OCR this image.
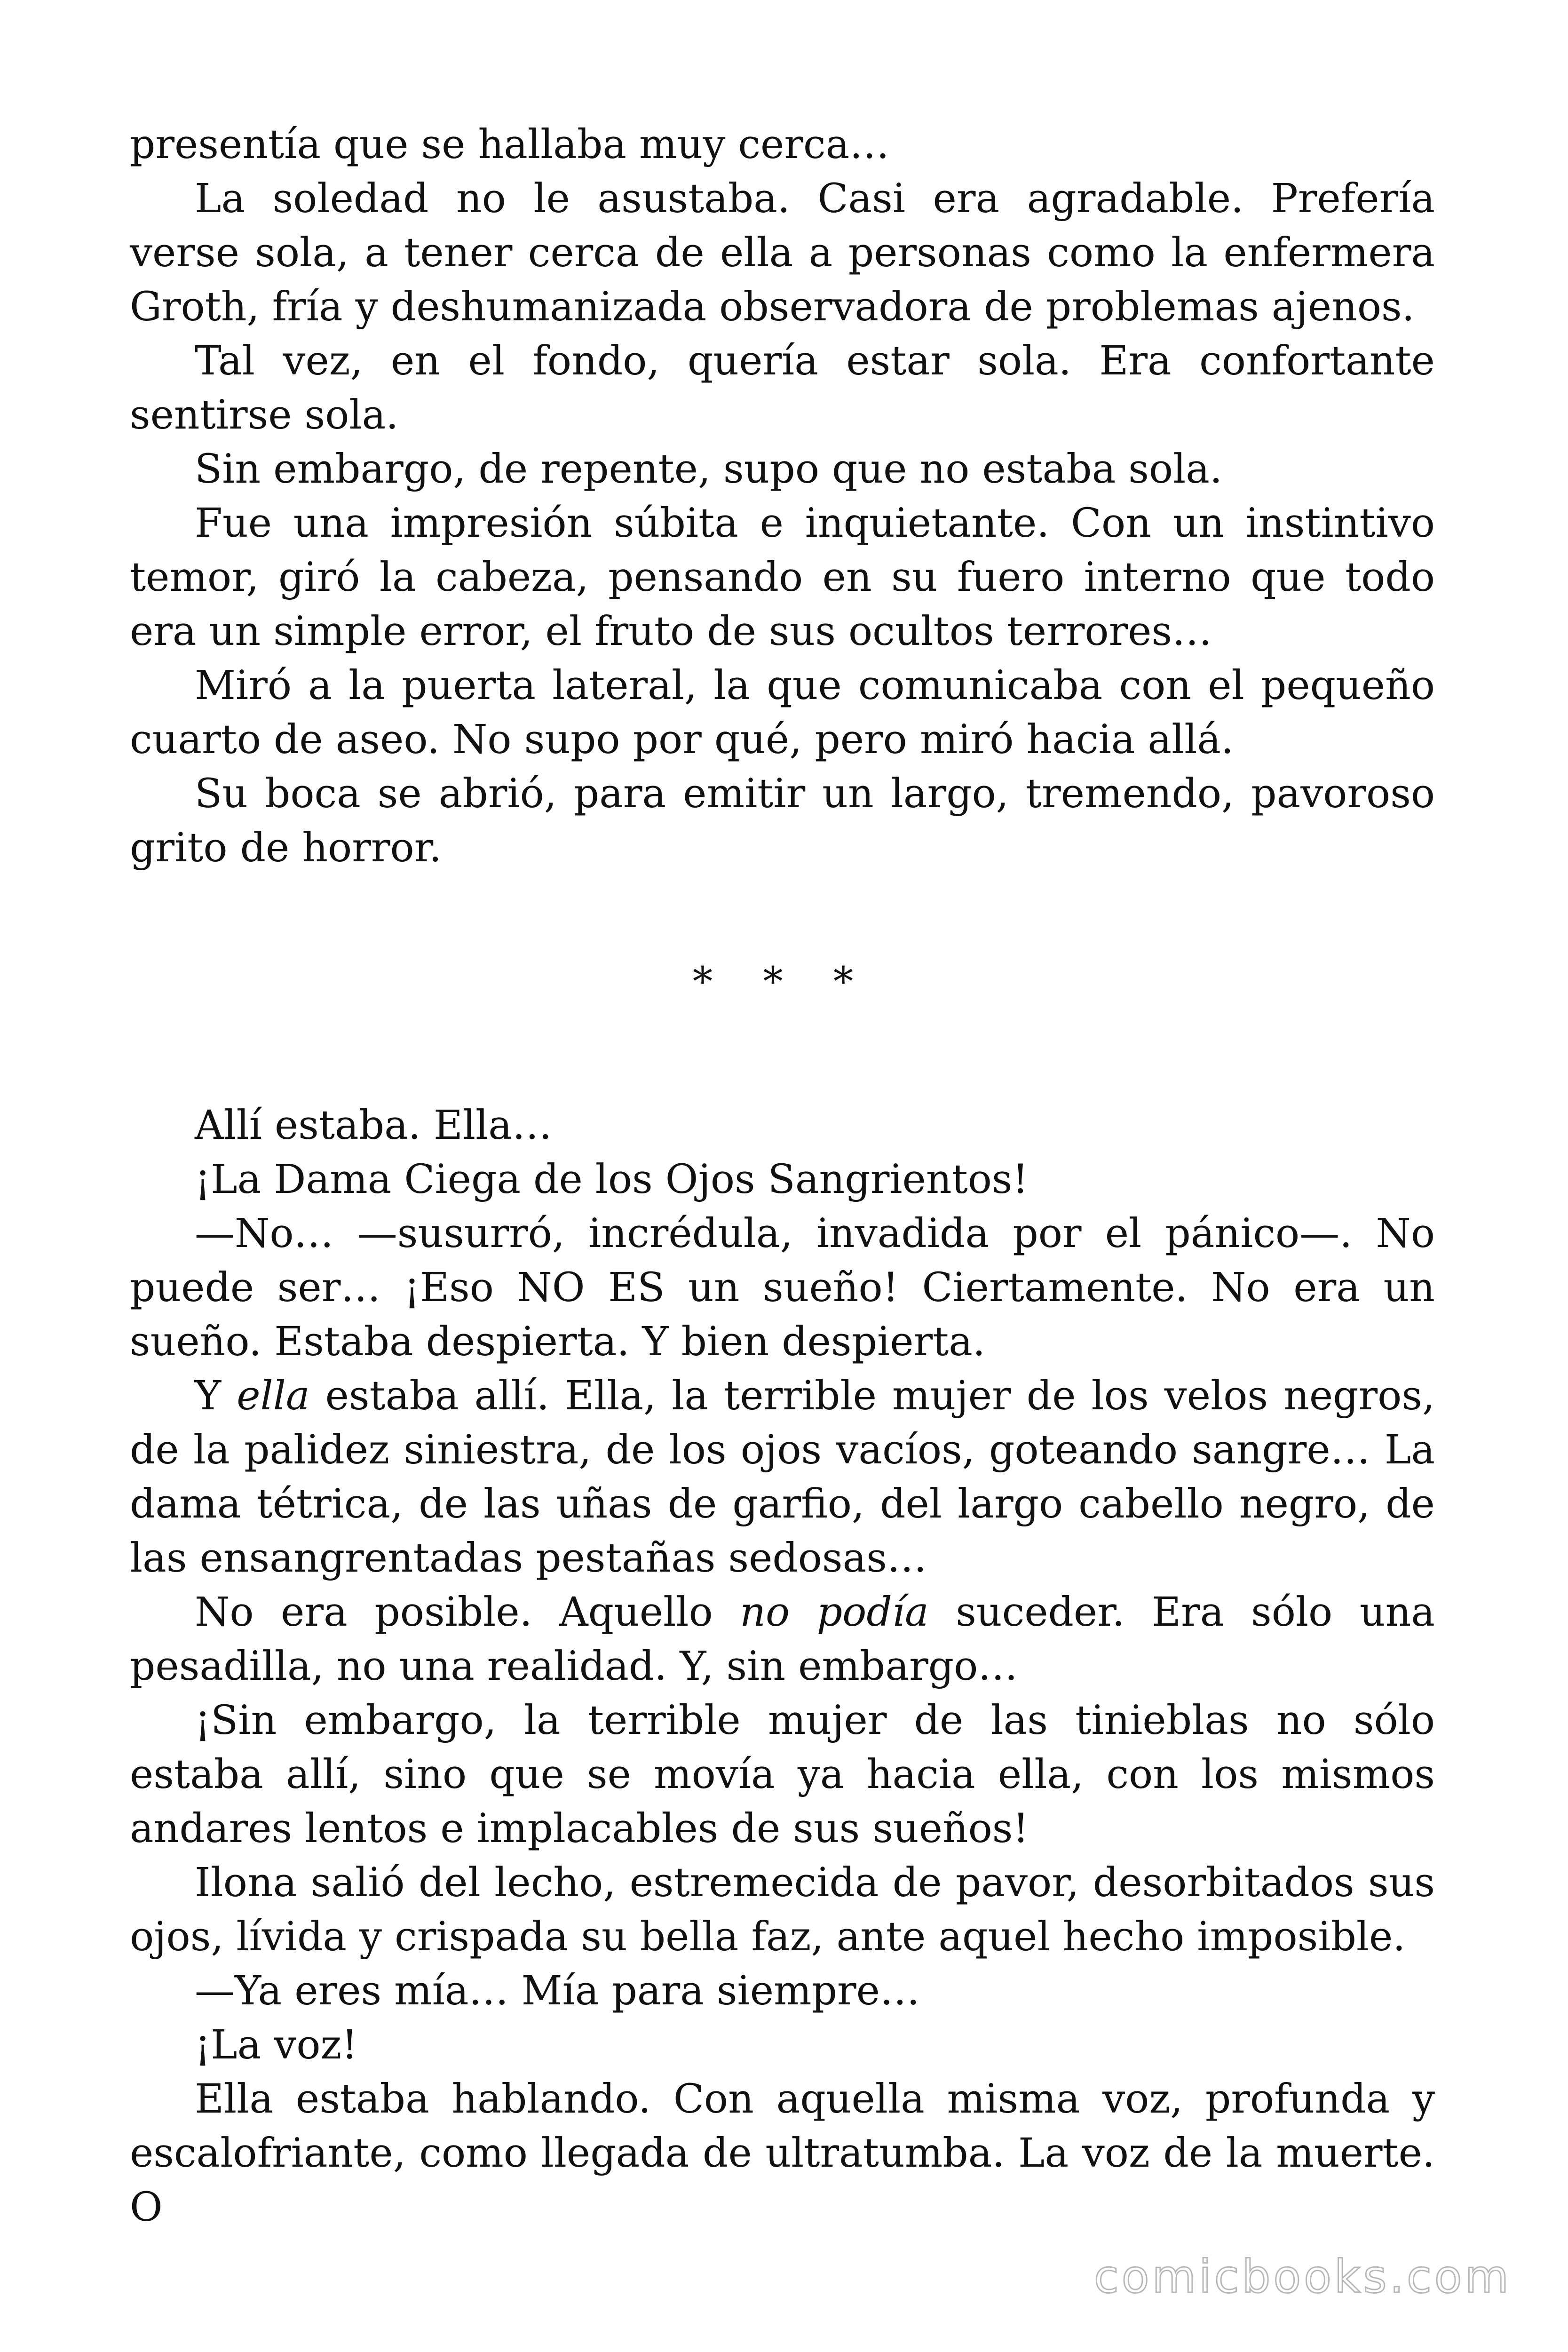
presentía que se hallaba muy cerca…

La soledad no le asustaba. Casi era agradable. Prefería verse sola, a tener cerca de ella a personas como la enfermera Groth, fría y deshumanizada observadora de problemas ajenos.

Tal vez, en el fondo, quería estar sola. Era confortante sentirse sola.

Sin embargo, de repente, supo que no estaba sola.

Fue una impresión súbita e inquietante. Con un instintivo temor, giró la cabeza, pensando en su fuero interno que todo era un simple error, el fruto de sus ocultos terrores…

Miró a la puerta lateral, la que comunicaba con el pequeño cuarto de aseo. No supo por qué, pero miró hacia allá.

Su boca se abrió, para emitir un largo, tremendo, pavoroso grito de horror.

* * *

Allí estaba. Ella…

¡La Dama Ciega de los Ojos Sangrientos!

—No… —susurró, incrédula, invadida por el pánico—. No puede ser… ¡Eso NO ES un sueño! Ciertamente. No era un sueño. Estaba despierta. Y bien despierta.

Y ella estaba allí. Ella, la terrible mujer de los velos negros, de la palidez siniestra, de los ojos vacíos, goteando sangre… La dama tétrica, de las uñas de garfio, del largo cabello negro, de las ensangrentadas pestañas sedosas…

No era posible. Aquello no podía suceder. Era sólo una pesadilla, no una realidad. Y, sin embargo…

¡Sin embargo, la terrible mujer de las tinieblas no sólo estaba allí, sino que se movía ya hacia ella, con los mismos andares lentos e implacables de sus sueños!

Ilona salió del lecho, estremecida de pavor, desorbitados sus ojos, lívida y crispada su bella faz, ante aquel hecho imposible.

—Ya eres mía… Mía para siempre…

¡La voz!

Ella estaba hablando. Con aquella misma voz, profunda y escalofriante, como llegada de ultratumba. La voz de la muerte. O

comicbooks.com
